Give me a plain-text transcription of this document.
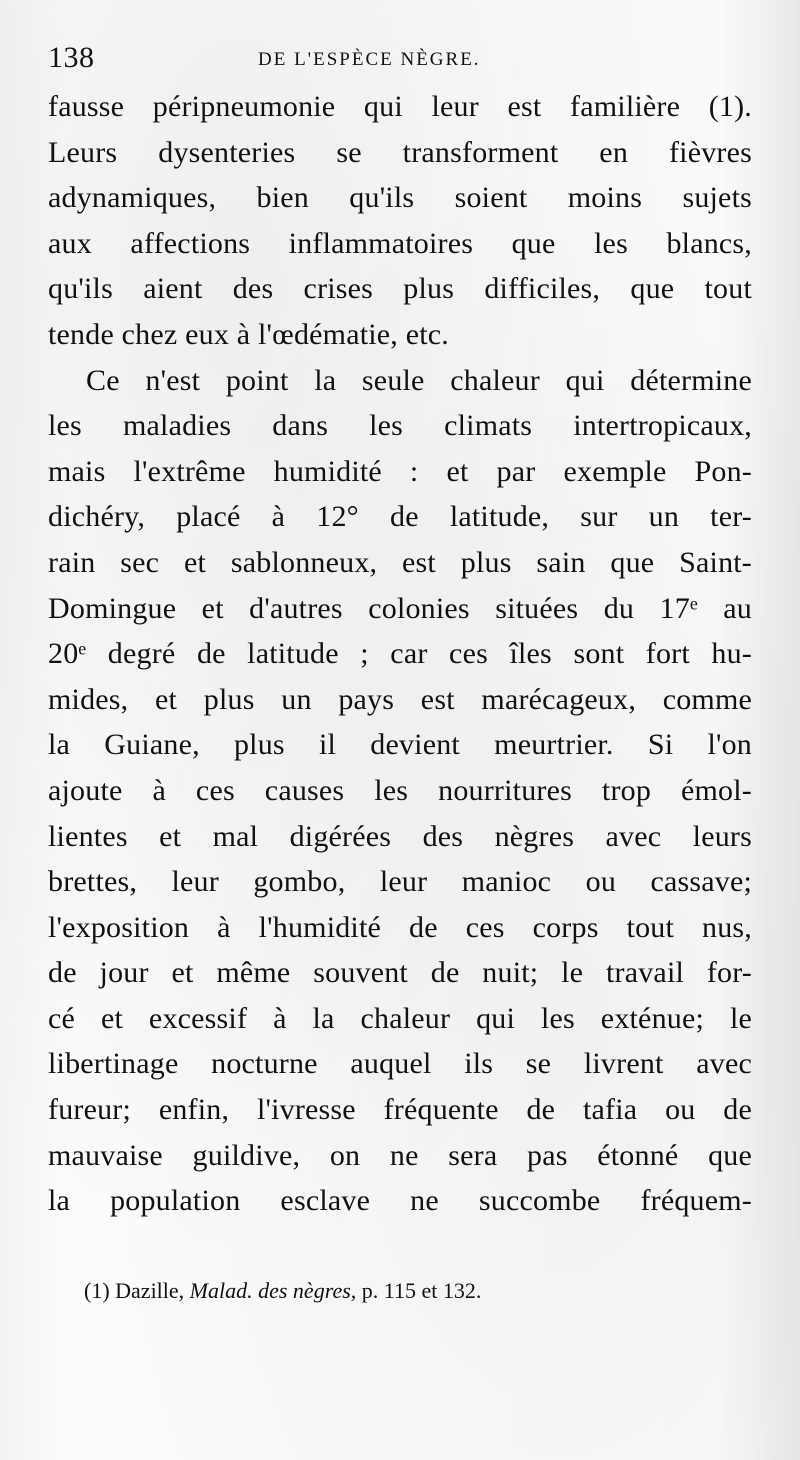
138	DE L'ESPÈCE NÈGRE.
fausse péripneumonie qui leur est familière (1).
Leurs dysenteries se transforment en fièvres
adynamiques, bien qu'ils soient moins sujets
aux affections inflammatoires que les blancs,
qu'ils aient des crises plus difficiles, que tout
tende chez eux à l'œdématie, etc.
Ce n'est point la seule chaleur qui détermine
les maladies dans les climats intertropicaux,
mais l'extrême humidité : et par exemple Pon-
dichéry, placé à 12° de latitude, sur un ter-
rain sec et sablonneux, est plus sain que Saint-
Domingue et d'autres colonies situées du 17ᵉ au
20ᵉ degré de latitude ; car ces îles sont fort hu-
mides, et plus un pays est marécageux, comme
la Guiane, plus il devient meurtrier. Si l'on
ajoute à ces causes les nourritures trop émol-
lientes et mal digérées des nègres avec leurs
brettes, leur gombo, leur manioc ou cassave;
l'exposition à l'humidité de ces corps tout nus,
de jour et même souvent de nuit; le travail for-
cé et excessif à la chaleur qui les exténue; le
libertinage nocturne auquel ils se livrent avec
fureur; enfin, l'ivresse fréquente de tafia ou de
mauvaise guildive, on ne sera pas étonné que
la population esclave ne succombe fréquem-
(1) Dazille, Malad. des nègres, p. 115 et 132.
